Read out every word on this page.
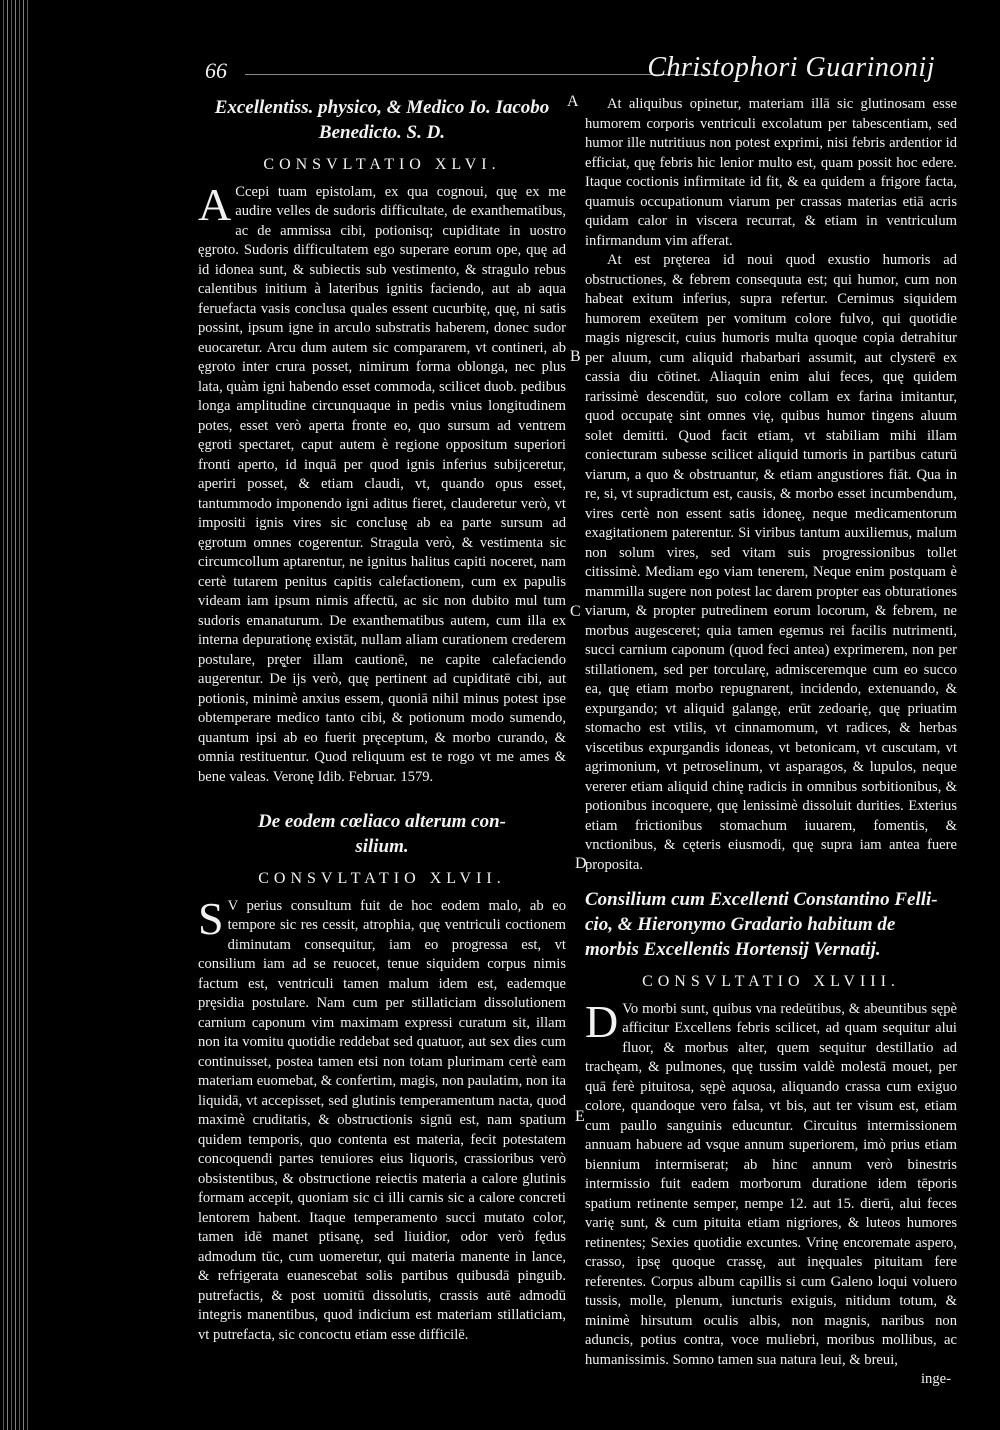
66	Christophori Guarinonij
A
B
C
D
E
Excellentiss. physico, & Medico Io. Iacobo
Benedicto. S. D.
CONSVLTATIO XLVI.

A Ccepi tuam epistolam, ex qua cognoui, quę ex me audire velles de sudoris difficultate, de exanthematibus, ac de ammissa cibi, potionisq; cupiditate in uostro ęgroto. Sudoris difficultatem ego superare eorum ope, quę ad id idonea sunt, & subiectis sub vestimento, & stragulo rebus calentibus initium à lateribus ignitis faciendo, aut ab aqua feruefacta vasis conclusa quales essent cucurbitę, quę, ni satis possint, ipsum igne in arculo substratis haberem, donec sudor euocaretur. Arcu dum autem sic compararem, vt contineri, ab ęgroto inter crura posset, nimirum forma oblonga, nec plus lata, quàm igni habendo esset commoda, scilicet duob. pedibus longa amplitudine circunquaque in pedis vnius longitudinem potes, esset verò aperta fronte eo, quo sursum ad ventrem ęgroti spectaret, caput autem è regione oppositum superiori fronti aperto, id inquā per quod ignis inferius subijceretur, aperiri posset, & etiam claudi, vt, quando opus esset, tantummodo imponendo igni aditus fieret, clauderetur verò, vt impositi ignis vires sic conclusę ab ea parte sursum ad ęgrotum omnes cogerentur. Stragula verò, & vestimenta sic circumcollum aptarentur, ne ignitus halitus capiti noceret, nam certè tutarem penitus capitis calefactionem, cum ex papulis videam iam ipsum nimis affectū, ac sic non dubito mul tum sudoris emanaturum. De exanthematibus autem, cum illa ex interna depurationę existāt, nullam aliam curationem crederem postulare, prę̨ter illam cautionē, ne capite calefaciendo augerentur. De ijs verò, quę pertinent ad cupiditatē cibi, aut potionis, minimè anxius essem, quoniā nihil minus potest ipse obtemperare medico tanto cibi, & potionum modo sumendo, quantum ipsi ab eo fuerit pręceptum, & morbo curando, & omnia restituentur. Quod reliquum est te rogo vt me ames & bene valeas. Veronę Idib. Februar. 1579.

De eodem cœliaco alterum con-
silium.
CONSVLTATIO XLVII.

S V perius consultum fuit de hoc eodem malo, ab eo tempore sic res cessit, atrophia, quę ventriculi coctionem diminutam consequitur, iam eo progressa est, vt consilium iam ad se reuocet, tenue siquidem corpus nimis factum est, ventriculi tamen malum idem est, eademque pręsidia postulare. Nam cum per stillaticiam dissolutionem carnium caponum vim maximam expressi curatum sit, illam non ita vomitu quotidie reddebat sed quatuor, aut sex dies cum continuisset, postea tamen etsi non totam plurimam certè eam materiam euomebat, & confertim, magis, non paulatim, non ita liquidā, vt accepisset, sed glutinis temperamentum nacta, quod maximè cruditatis, & obstructionis signū est, nam spatium quidem temporis, quo contenta est materia, fecit potestatem concoquendi partes tenuiores eius liquoris, crassioribus verò obsistentibus, & obstructione reiectis materia a calore glutinis formam accepit, quoniam sic ci illi carnis sic a calore concreti lentorem habent. Itaque temperamento succi mutato color, tamen idē manet ptisanę, sed liuidior, odor verò fędus admodum tūc, cum uomeretur, qui materia manente in lance, & refrigerata euanescebat solis partibus quibusdā pinguib. putrefactis, & post uomitū dissolutis, crassis autē admodū integris manentibus, quod indicium est materiam stillaticiam, vt putrefacta, sic concoctu etiam esse difficilē.

At aliquibus opinetur, materiam illā sic glutinosam esse humorem corporis ventriculi excolatum per tabescentiam, sed humor ille nutritiuus non potest exprimi, nisi febris ardentior id efficiat, quę febris hic lenior multo est, quam possit hoc edere. Itaque coctionis infirmitate id fit, & ea quidem a frigore facta, quamuis occupationum viarum per crassas materias etiā acris quidam calor in viscera recurrat, & etiam in ventriculum infirmandum vim afferat.

At est pręterea id noui quod exustio humoris ad obstructiones, & febrem consequuta est; qui humor, cum non habeat exitum inferius, supra refertur. Cernimus siquidem humorem exeūtem per vomitum colore fulvo, qui quotidie magis nigrescit, cuius humoris multa quoque copia detrahitur per aluum, cum aliquid rhabarbari assumit, aut clysterē ex cassia diu cōtinet. Aliaquin enim alui feces, quę quidem rarissimè descendūt, suo colore collam ex farina imitantur, quod occupatę sint omnes vię, quibus humor tingens aluum solet demitti. Quod facit etiam, vt stabiliam mihi illam coniecturam subesse scilicet aliquid tumoris in partibus caturū viarum, a quo & obstruantur, & etiam angustiores fiāt. Qua in re, si, vt supradictum est, causis, & morbo esset incumbendum, vires certè non essent satis idoneę, neque medicamentorum exagitationem paterentur. Si viribus tantum auxiliemus, malum non solum vires, sed vitam suis progressionibus tollet citissimè. Mediam ego viam tenerem, Neque enim postquam è mammilla sugere non potest lac darem propter eas obturationes viarum, & propter putredinem eorum locorum, & febrem, ne morbus augesceret; quia tamen egemus rei facilis nutrimenti, succi carnium caponum (quod feci antea) exprimerem, non per stillationem, sed per torcularę, admisceremque cum eo succo ea, quę etiam morbo repugnarent, incidendo, extenuando, & expurgando; vt aliquid galangę, erūt zedoarię, quę priuatim stomacho est vtilis, vt cinnamomum, vt radices, & herbas viscetibus expurgandis idoneas, vt betonicam, vt cuscutam, vt agrimonium, vt petroselinum, vt asparagos, & lupulos, neque vererer etiam aliquid chinę radicis in omnibus sorbitionibus, & potionibus incoquere, quę lenissimè dissoluit durities. Exterius etiam frictionibus stomachum iuuarem, fomentis, & vnctionibus, & cęteris eiusmodi, quę supra iam antea fuere proposita.

Consilium cum Excellenti Constantino Felli-
cio, & Hieronymo Gradario habitum de
morbis Excellentis Hortensij Vernatij.
CONSVLTATIO XLVIII.

D Vo morbi sunt, quibus vna redeūtibus, & abeuntibus sępè afficitur Excellens febris scilicet, ad quam sequitur alui fluor, & morbus alter, quem sequitur destillatio ad trachęam, & pulmones, quę tussim valdè molestā mouet, per quā ferè pituitosa, sępè aquosa, aliquando crassa cum exiguo colore, quandoque vero falsa, vt bis, aut ter visum est, etiam cum paullo sanguinis educuntur. Circuitus intermissionem annuam habuere ad vsque annum superiorem, imò prius etiam biennium intermiserat; ab hinc annum verò binestris intermissio fuit eadem morborum duratione idem tēporis spatium retinente semper, nempe 12. aut 15. dierū, alui feces varię sunt, & cum pituita etiam nigriores, & luteos humores retinentes; Sexies quotidie excuntes. Vrinę encoremate aspero, crasso, ipsę quoque crassę, aut inęquales pituitam fere referentes. Corpus album capillis si cum Galeno loqui voluero tussis, molle, plenum, iuncturis exiguis, nitidum totum, & minimè hirsutum oculis albis, non magnis, naribus non aduncis, potius contra, voce muliebri, moribus mollibus, ac humanissimis. Somno tamen sua natura leui, & breui,

inge-
